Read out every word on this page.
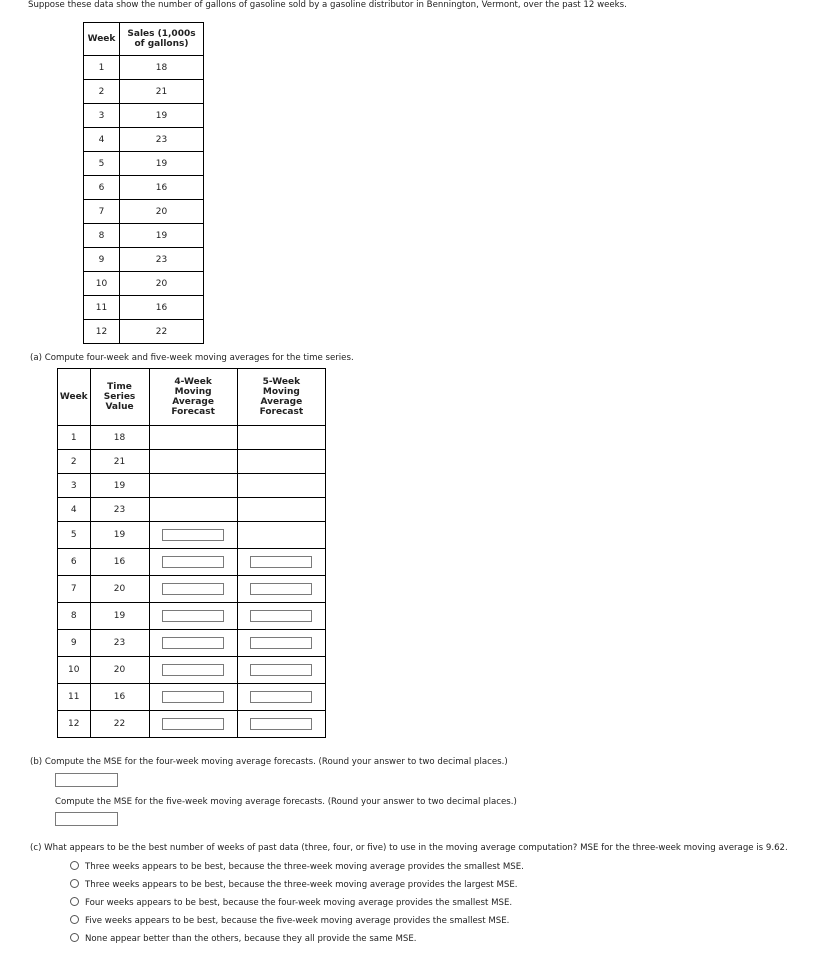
Suppose these data show the number of gallons of gasoline sold by a gasoline distributor in Bennington, Vermont, over the past 12 weeks.
Week	Sales (1,000s of gallons)
1	18
2	21
3	19
4	23
5	19
6	16
7	20
8	19
9	23
10	20
11	16
12	22
(a) Compute four-week and five-week moving averages for the time series.
Week	Time Series Value	4-Week Moving Average Forecast	5-Week Moving Average Forecast
1	18		
2	21		
3	19		
4	23		
5	19		
6	16		
7	20		
8	19		
9	23		
10	20		
11	16		
12	22		
(b) Compute the MSE for the four-week moving average forecasts. (Round your answer to two decimal places.)
Compute the MSE for the five-week moving average forecasts. (Round your answer to two decimal places.)
(c) What appears to be the best number of weeks of past data (three, four, or five) to use in the moving average computation? MSE for the three-week moving average is 9.62.
Three weeks appears to be best, because the three-week moving average provides the smallest MSE.
Three weeks appears to be best, because the three-week moving average provides the largest MSE.
Four weeks appears to be best, because the four-week moving average provides the smallest MSE.
Five weeks appears to be best, because the five-week moving average provides the smallest MSE.
None appear better than the others, because they all provide the same MSE.
